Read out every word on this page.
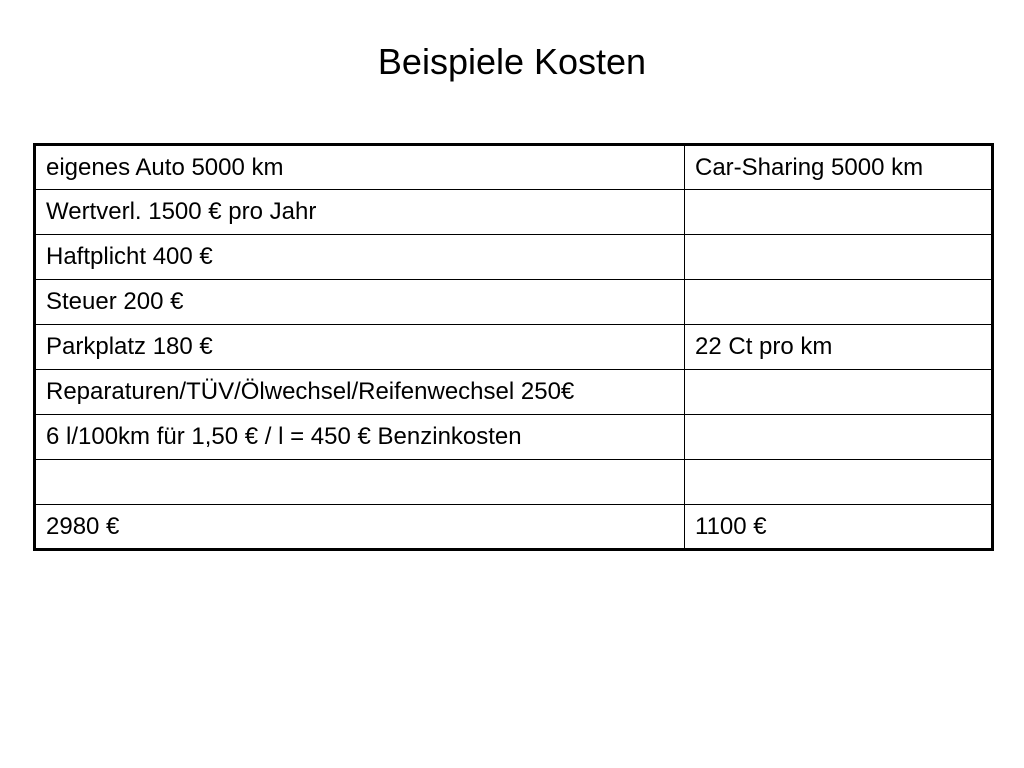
Beispiele Kosten
eigenes Auto 5000 km	Car-Sharing 5000 km
Wertverl. 1500 € pro Jahr	
Haftplicht 400 €	
Steuer 200 €	
Parkplatz 180 €	22 Ct pro km
Reparaturen/TÜV/Ölwechsel/Reifenwechsel 250€	
6 l/100km für 1,50 € / l = 450 € Benzinkosten	

2980 €	1100 €
